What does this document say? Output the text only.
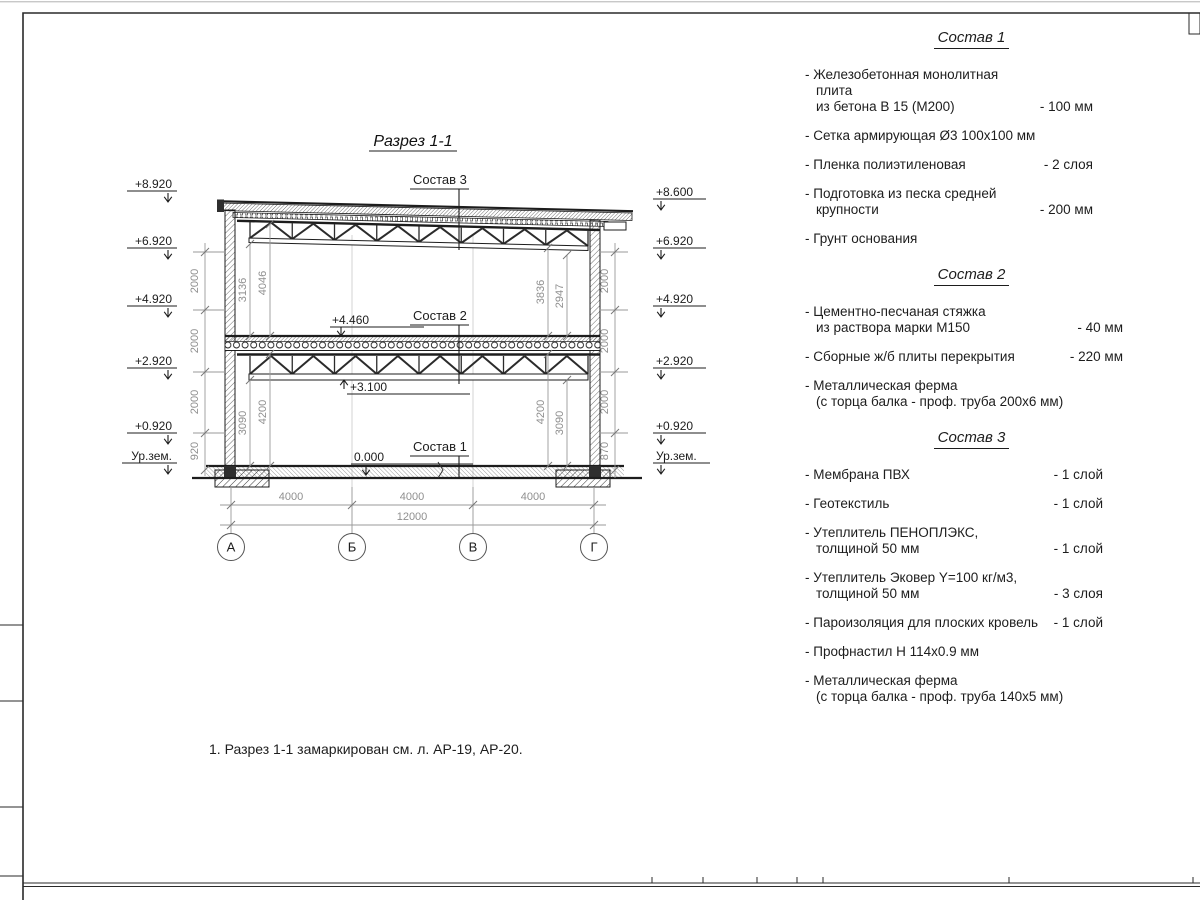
2000
2000
2000
920
2000
2000
2000
870
3136 4046	3836 2947
3090 4200	4200 3090
4000	4000	4000
12000
А	Б	В	Г
+8.920
+6.920
+4.920
+2.920
+0.920
Ур.зем.
+8.600
+6.920
+4.920
+2.920
+0.920
Ур.зем.
+4.460
+3.100
0.000
Состав 3
Состав 2
Состав 1
Разрез 1-1
Состав 1
- Железобетонная монолитная плита
из бетона В 15 (М200)	- 100 мм
- Сетка армирующая Ø3 100х100 мм
- Пленка полиэтиленовая	- 2 слоя
- Подготовка из песка средней
крупности	- 200 мм
- Грунт основания
Состав 2
- Цементно-песчаная стяжка
из раствора марки М150	- 40 мм
- Сборные ж/б плиты перекрытия	- 220 мм
- Металлическая ферма
(с торца балка - проф. труба 200х6 мм)
Состав 3
- Мембрана ПВХ	- 1 слой
- Геотекстиль	- 1 слой
- Утеплитель ПЕНОПЛЭКС,
толщиной 50 мм	- 1 слой
- Утеплитель Эковер Y=100 кг/м3,
толщиной 50 мм	- 3 слоя
- Пароизоляция для плоских кровель	- 1 слой
- Профнастил Н 114х0.9 мм
- Металлическая ферма
(с торца балка - проф. труба 140х5 мм)
1. Разрез 1-1 замаркирован см. л. АР-19, АР-20.
